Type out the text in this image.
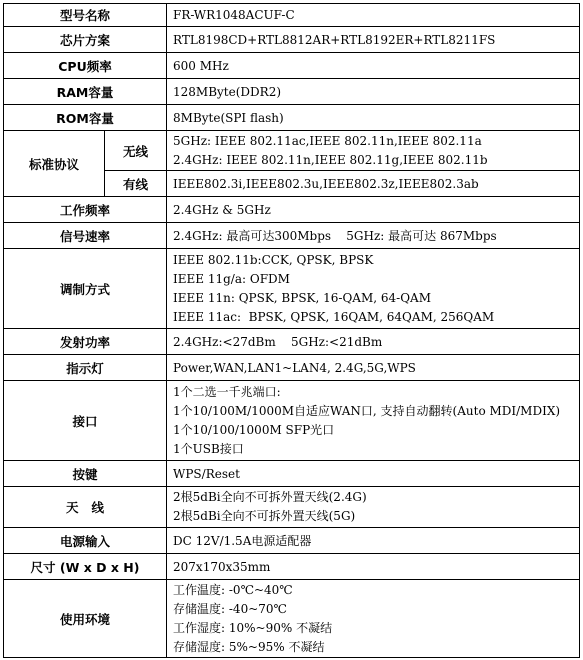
型号名称		FR-WR1048ACUF-C

芯片方案		RTL8198CD+RTL8812AR+RTL8192ER+RTL8211FS

CPU频率		600 MHz

RAM容量		128MByte(DDR2)

ROM容量		8MByte(SPI flash)

标准协议	无线	5GHz: IEEE 802.11ac,IEEE 802.11n,IEEE 802.11a
2.4GHz: IEEE 802.11n,IEEE 802.11g,IEEE 802.11b

	有线	IEEE802.3i,IEEE802.3u,IEEE802.3z,IEEE802.3ab

工作频率		2.4GHz & 5GHz

信号速率		2.4GHz: 最高可达300Mbps    5GHz: 最高可达 867Mbps

调制方式		IEEE 802.11b:CCK, QPSK, BPSK
IEEE 11g/a: OFDM
IEEE 11n: QPSK, BPSK, 16-QAM, 64-QAM
IEEE 11ac:  BPSK, QPSK, 16QAM, 64QAM, 256QAM

发射功率		2.4GHz:<27dBm    5GHz:<21dBm

指示灯		Power,WAN,LAN1~LAN4, 2.4G,5G,WPS

接口		1个二选一千兆端口:
1个10/100M/1000M自适应WAN口, 支持自动翻转(Auto MDI/MDIX)
1个10/100/1000M SFP光口
1个USB接口

按键		WPS/Reset

天   线		2根5dBi全向不可拆外置天线(2.4G)
2根5dBi全向不可拆外置天线(5G)

电源输入		DC 12V/1.5A电源适配器

尺寸 (W x D x H)		207x170x35mm

使用环境		工作温度: -0℃~40℃
存储温度: -40~70℃
工作湿度: 10%~90% 不凝结
存储湿度: 5%~95% 不凝结
